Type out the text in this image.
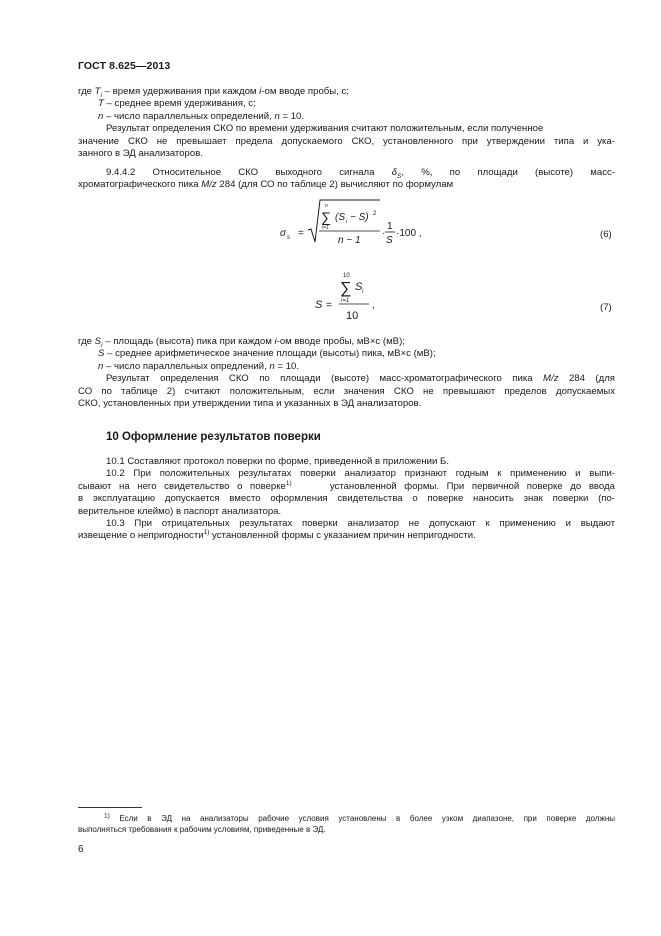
ГОСТ 8.625—2013
где $T_i$ – время удерживания при каждом i-ом вводе пробы, с;
T – среднее время удерживания, с;
n – число параллельных определений, n = 10.
Результат определения СКО по времени удерживания считают положительным, если полученное
значение СКО не превышает предела допускаемого СКО, установленного при утверждении типа и ука-
занного в ЭД анализаторов.
9.4.4.2 Относительное СКО выходного сигнала $\delta_S$, %, по площади (высоте) масс-
хроматографического пика M/z 284 (для СО по таблице 2) вычисляют по формулам
σ s =
n
∑
i=1
(S i − S) 2
n − 1
·
1
S
·100 ,	(6)
S =
10
∑
i=1
S i
10
,	(7)
где $S_i$ – площадь (высота) пика при каждом i-ом вводе пробы, мВ×с (мВ);
S – среднее арифметическое значение площади (высоты) пика, мВ×с (мВ);
n – число параллельных опредлений, n = 10.
Результат определения СКО по площади (высоте) масс-хроматографического пика M/z 284 (для
СО по таблице 2) считают положительным, если значения СКО не превышают пределов допускаемых
СКО, установленных при утверждении типа и указанных в ЭД анализаторов.
10 Оформление результатов поверки
10.1 Составляют протокол поверки по форме, приведенной в приложении Б.
10.2 При положительных результатах поверки анализатор признают годным к применению и выпи-
сывают на него свидетельство о поверке$^{1)}$     установленной формы. При первичной поверке до ввода
в эксплуатацию допускается вместо оформления свидетельства о поверке наносить знак поверки (по-
верительное клеймо) в паспорт анализатора.
10.3 При отрицательных результатах поверки анализатор не допускают к применению и выдают
извещение о непригодности$^{1)}$ установленной формы с указанием причин непригодности.
$^{1)}$ Если в ЭД на анализаторы рабочие условия установлены в более узком диапазоне, при поверке должны
выполняться требования к рабочим условиям, приведенные в ЭД.
6
